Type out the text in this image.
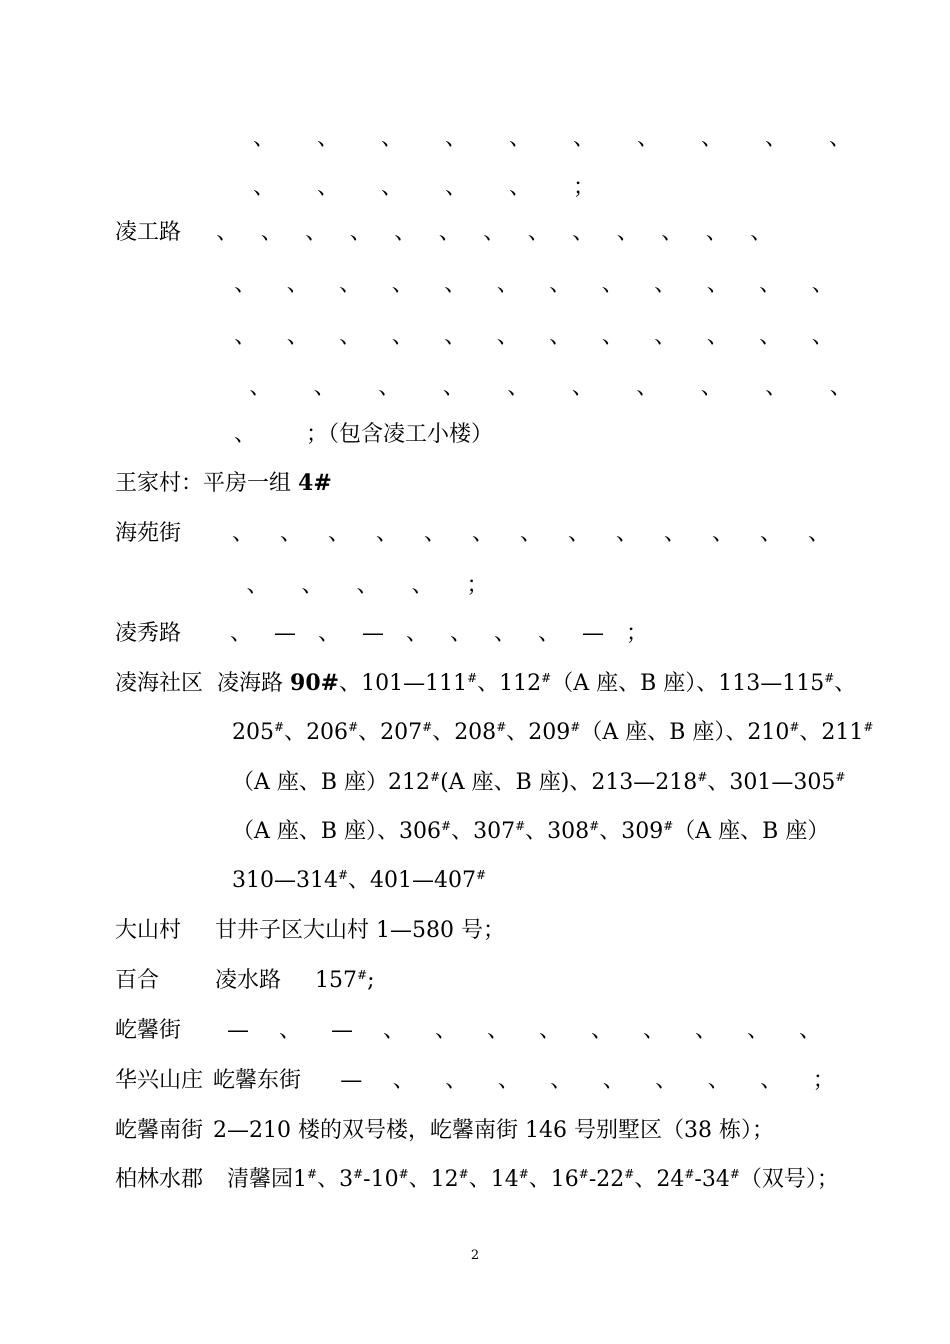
、 、 、 、 、 、 、 、 、 、
、 、 、 、 、 ；
凌工路	、 、 、 、 、 、 、 、 、 、 、 、 、
、 、 、 、 、 、 、 、 、 、 、 、
、 、 、 、 、 、 、 、 、 、 、 、
、 、 、 、 、 、 、 、 、 、
、 ；（包含凌工小楼）
王家村：平房一组 4#
海苑街	、 、 、 、 、 、 、 、 、 、 、 、 、
、 、 、 、 ；
凌秀路	、 — 、 — 、 、 、 、 — ；
凌海社区 凌海路 90#、101—111#、112#（A 座、B 座）、113—115#、
205#、206#、207#、208#、209#（A 座、B 座）、210#、211#
（A 座、B 座）212#(A 座、B 座)、213—218#、301—305#
（A 座、B 座）、306#、307#、308#、309#（A 座、B 座）
310—314#、401—407#
大山村 甘井子区大山村 1—580 号；
百合	凌水路 157#;
屹馨街	— 、 — 、 、 、 、 、 、 、 、 、
华兴山庄 屹馨东街	— 、 、 、 、 、 、 、 、 ；
屹馨南街 2—210 楼的双号楼，屹馨南街 146 号别墅区（38 栋）；
柏林水郡 清馨园1#、3#-10#、12#、14#、16#-22#、24#-34#（双号）；
2
